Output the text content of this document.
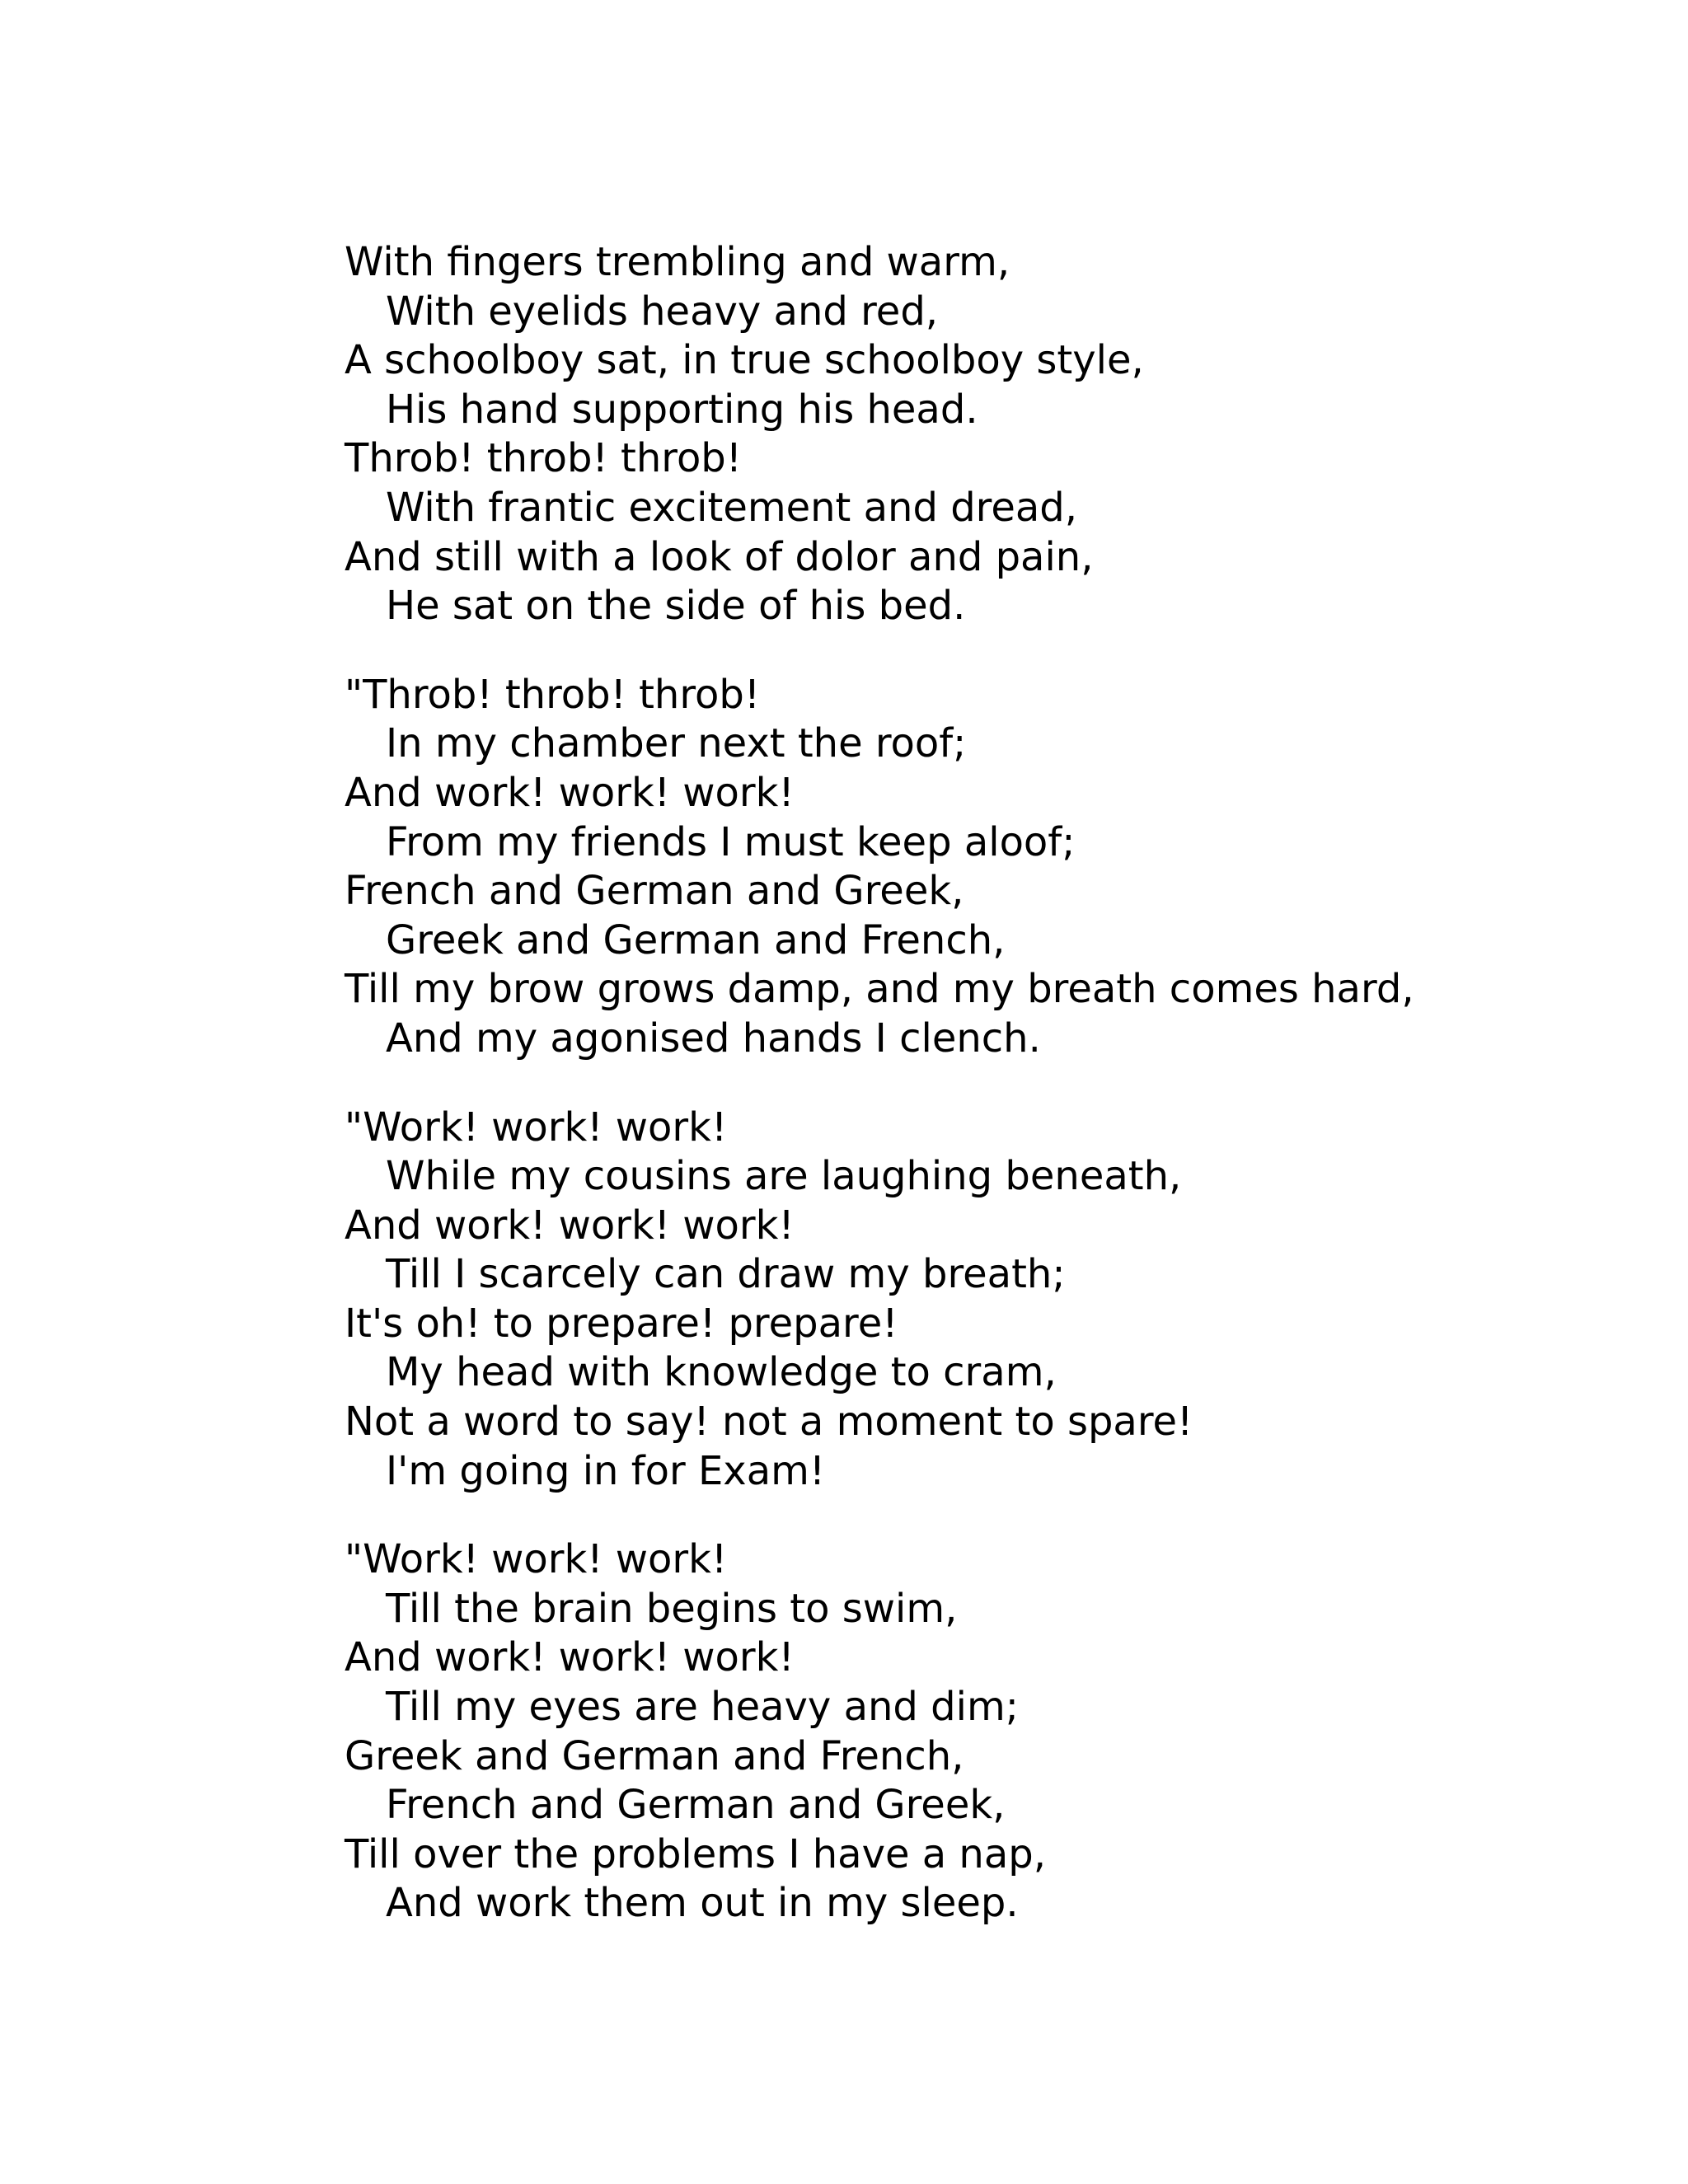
With fingers trembling and warm,
With eyelids heavy and red,
A schoolboy sat, in true schoolboy style,
His hand supporting his head.
Throb! throb! throb!
With frantic excitement and dread,
And still with a look of dolor and pain,
He sat on the side of his bed.
"Throb! throb! throb!
In my chamber next the roof;
And work! work! work!
From my friends I must keep aloof;
French and German and Greek,
Greek and German and French,
Till my brow grows damp, and my breath comes hard,
And my agonised hands I clench.
"Work! work! work!
While my cousins are laughing beneath,
And work! work! work!
Till I scarcely can draw my breath;
It's oh! to prepare! prepare!
My head with knowledge to cram,
Not a word to say! not a moment to spare!
I'm going in for Exam!
"Work! work! work!
Till the brain begins to swim,
And work! work! work!
Till my eyes are heavy and dim;
Greek and German and French,
French and German and Greek,
Till over the problems I have a nap,
And work them out in my sleep.
